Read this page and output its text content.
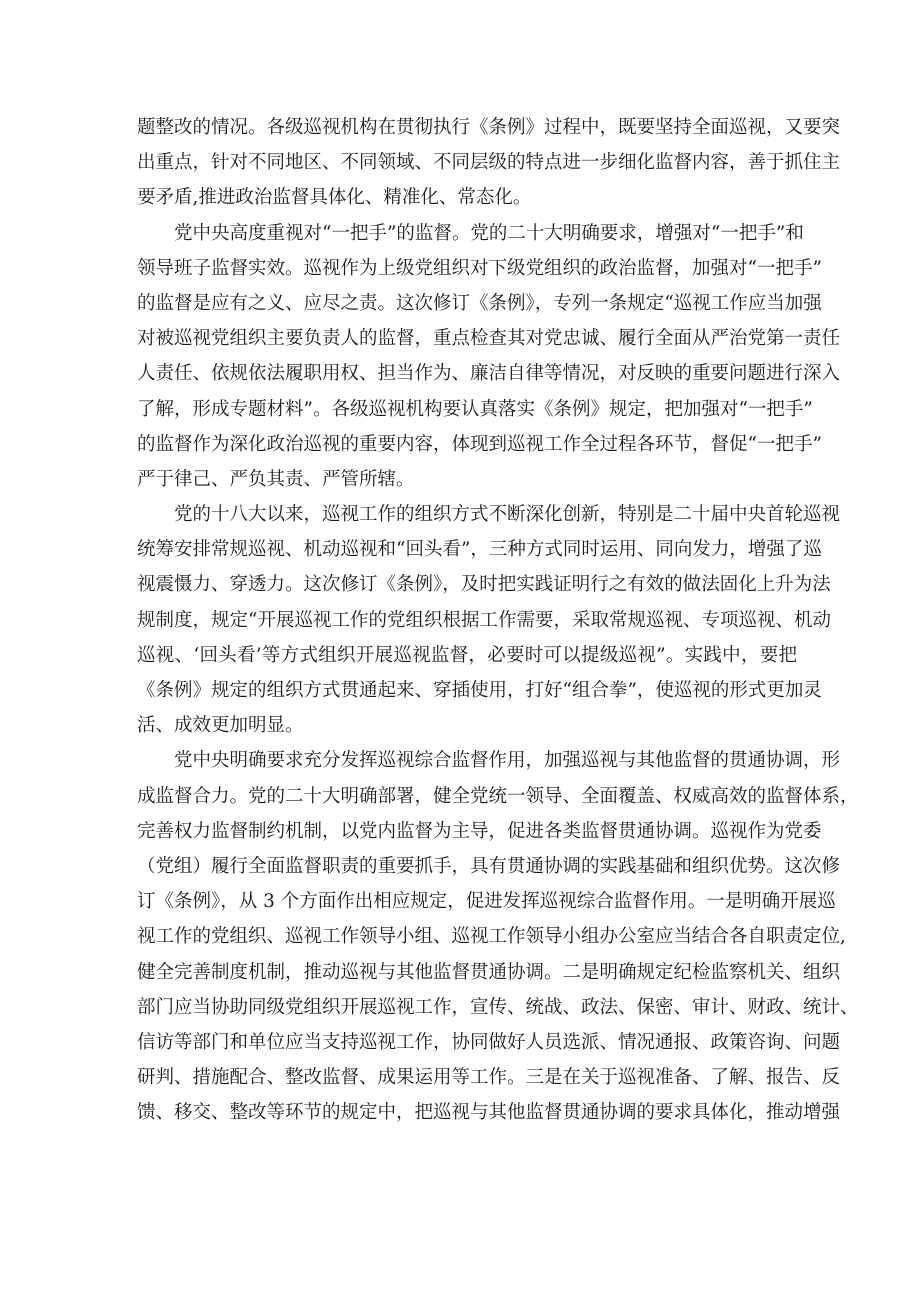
题整改的情况。各级巡视机构在贯彻执行《条例》过程中，既要坚持全面巡视，又要突
出重点，针对不同地区、不同领域、不同层级的特点进一步细化监督内容，善于抓住主
要矛盾,推进政治监督具体化、精准化、常态化。
党中央高度重视对“一把手”的监督。党的二十大明确要求，增强对“一把手”和
领导班子监督实效。巡视作为上级党组织对下级党组织的政治监督，加强对“一把手”
的监督是应有之义、应尽之责。这次修订《条例》，专列一条规定“巡视工作应当加强
对被巡视党组织主要负责人的监督，重点检查其对党忠诚、履行全面从严治党第一责任
人责任、依规依法履职用权、担当作为、廉洁自律等情况，对反映的重要问题进行深入
了解，形成专题材料”。各级巡视机构要认真落实《条例》规定，把加强对“一把手”
的监督作为深化政治巡视的重要内容，体现到巡视工作全过程各环节，督促“一把手”
严于律己、严负其责、严管所辖。
党的十八大以来，巡视工作的组织方式不断深化创新，特别是二十届中央首轮巡视
统筹安排常规巡视、机动巡视和“回头看”，三种方式同时运用、同向发力，增强了巡
视震慑力、穿透力。这次修订《条例》，及时把实践证明行之有效的做法固化上升为法
规制度，规定“开展巡视工作的党组织根据工作需要，采取常规巡视、专项巡视、机动
巡视、‘回头看’等方式组织开展巡视监督，必要时可以提级巡视”。实践中，要把
《条例》规定的组织方式贯通起来、穿插使用，打好“组合拳”，使巡视的形式更加灵
活、成效更加明显。
党中央明确要求充分发挥巡视综合监督作用，加强巡视与其他监督的贯通协调，形
成监督合力。党的二十大明确部署，健全党统一领导、全面覆盖、权威高效的监督体系，
完善权力监督制约机制，以党内监督为主导，促进各类监督贯通协调。巡视作为党委
（党组）履行全面监督职责的重要抓手，具有贯通协调的实践基础和组织优势。这次修
订《条例》，从 3 个方面作出相应规定，促进发挥巡视综合监督作用。一是明确开展巡
视工作的党组织、巡视工作领导小组、巡视工作领导小组办公室应当结合各自职责定位,
健全完善制度机制，推动巡视与其他监督贯通协调。二是明确规定纪检监察机关、组织
部门应当协助同级党组织开展巡视工作，宣传、统战、政法、保密、审计、财政、统计、
信访等部门和单位应当支持巡视工作，协同做好人员选派、情况通报、政策咨询、问题
研判、措施配合、整改监督、成果运用等工作。三是在关于巡视准备、了解、报告、反
馈、移交、整改等环节的规定中，把巡视与其他监督贯通协调的要求具体化，推动增强
